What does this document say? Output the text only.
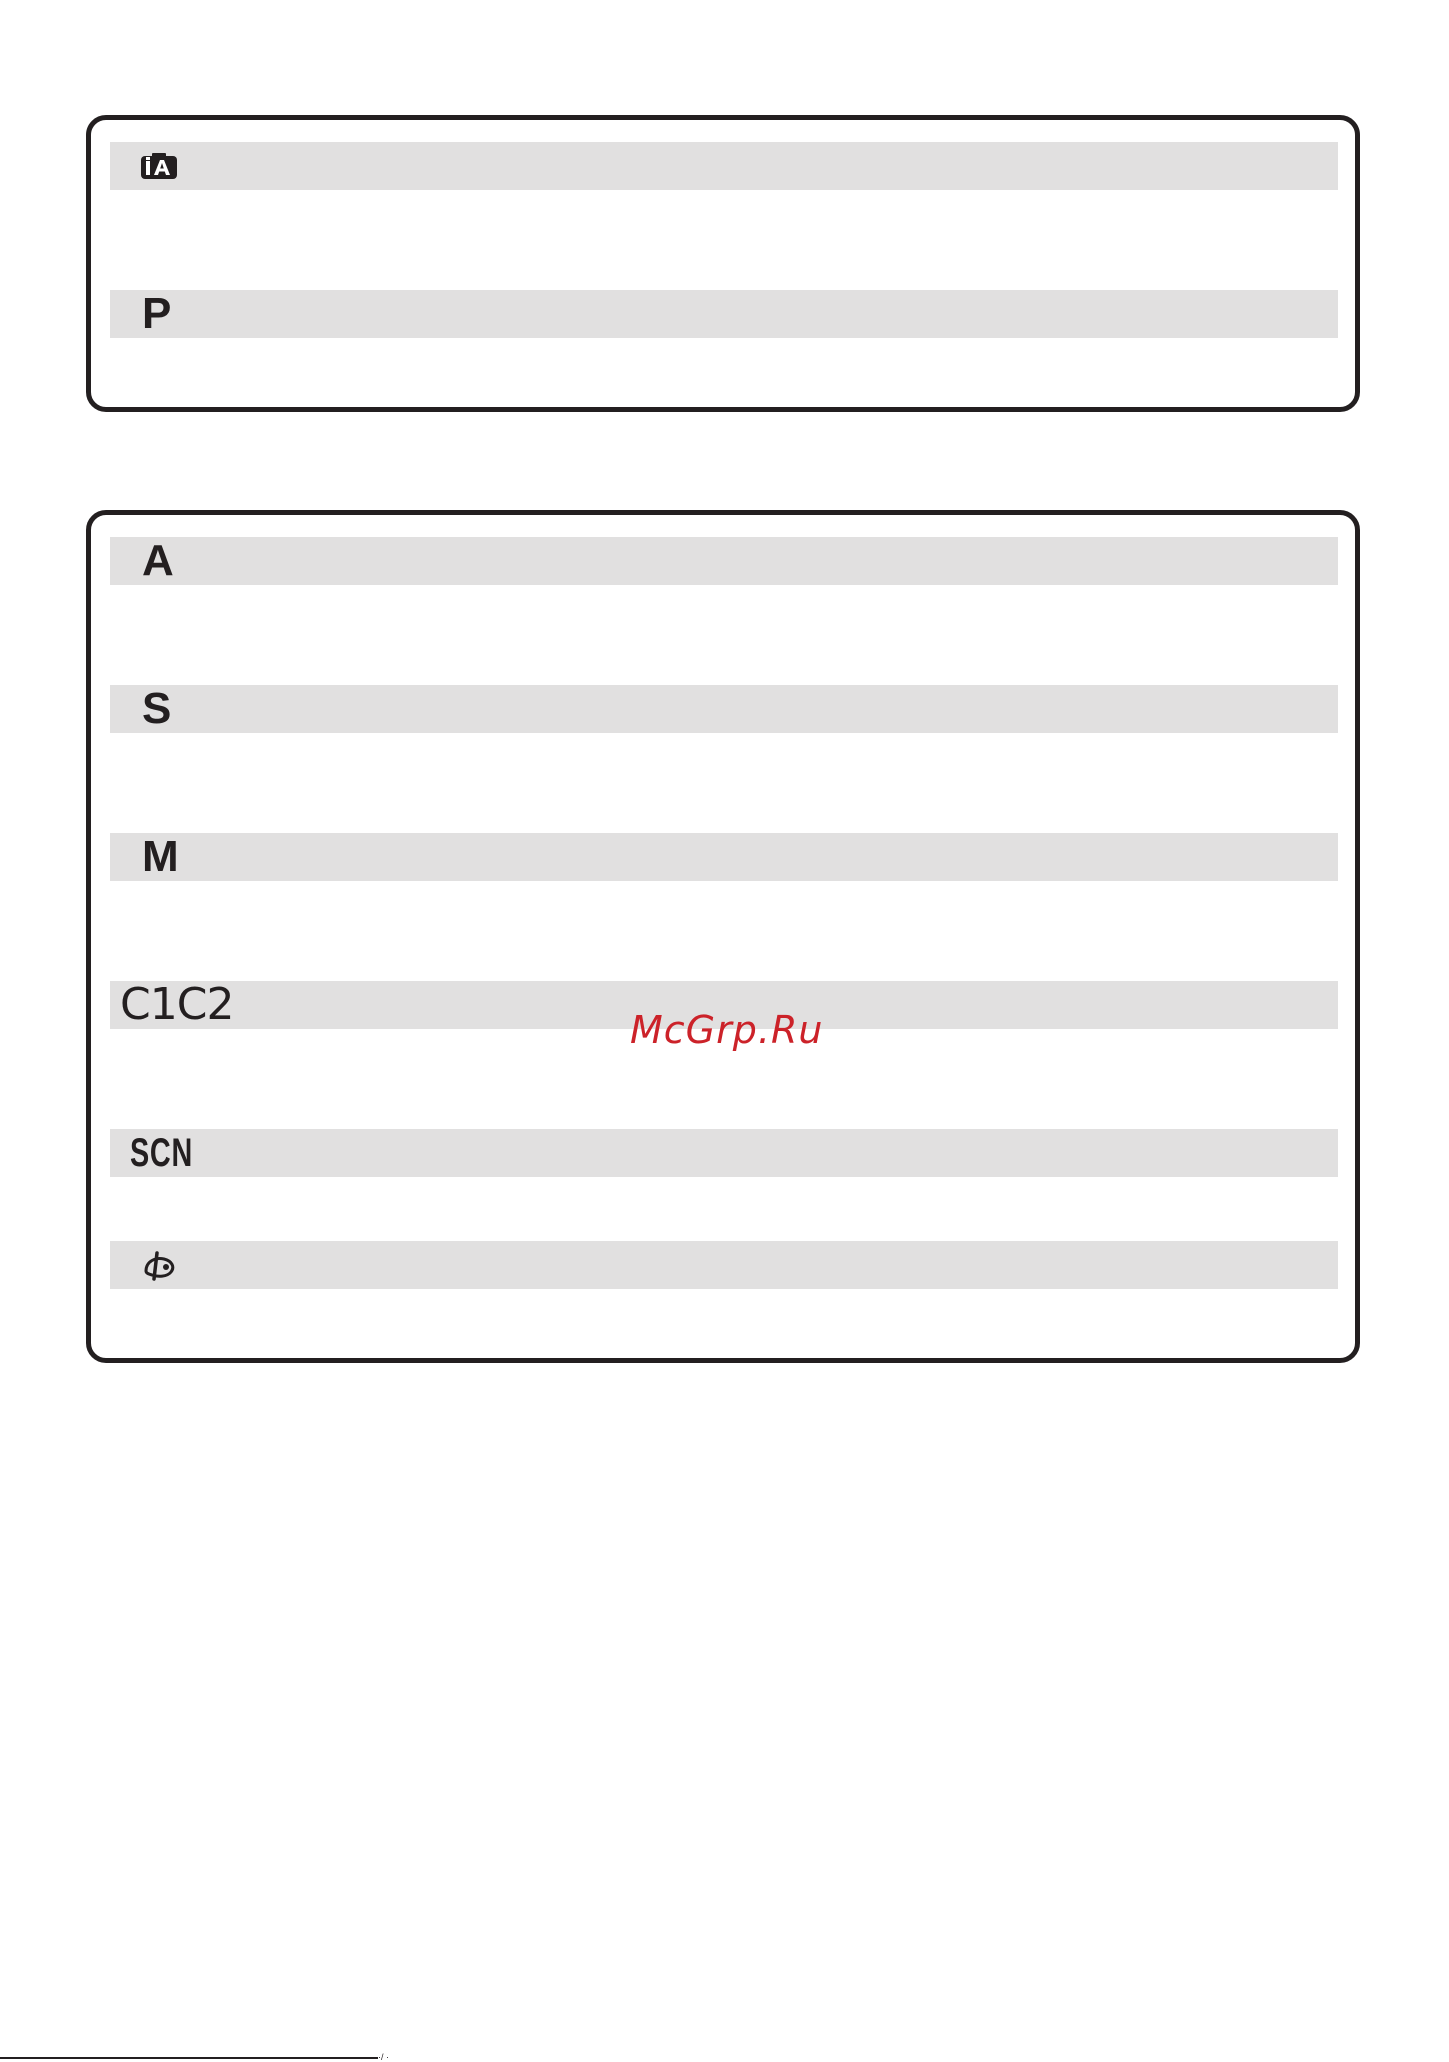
iA
P
A
S
M
C1C2
SCN
McGrp.Ru
·/ ·
